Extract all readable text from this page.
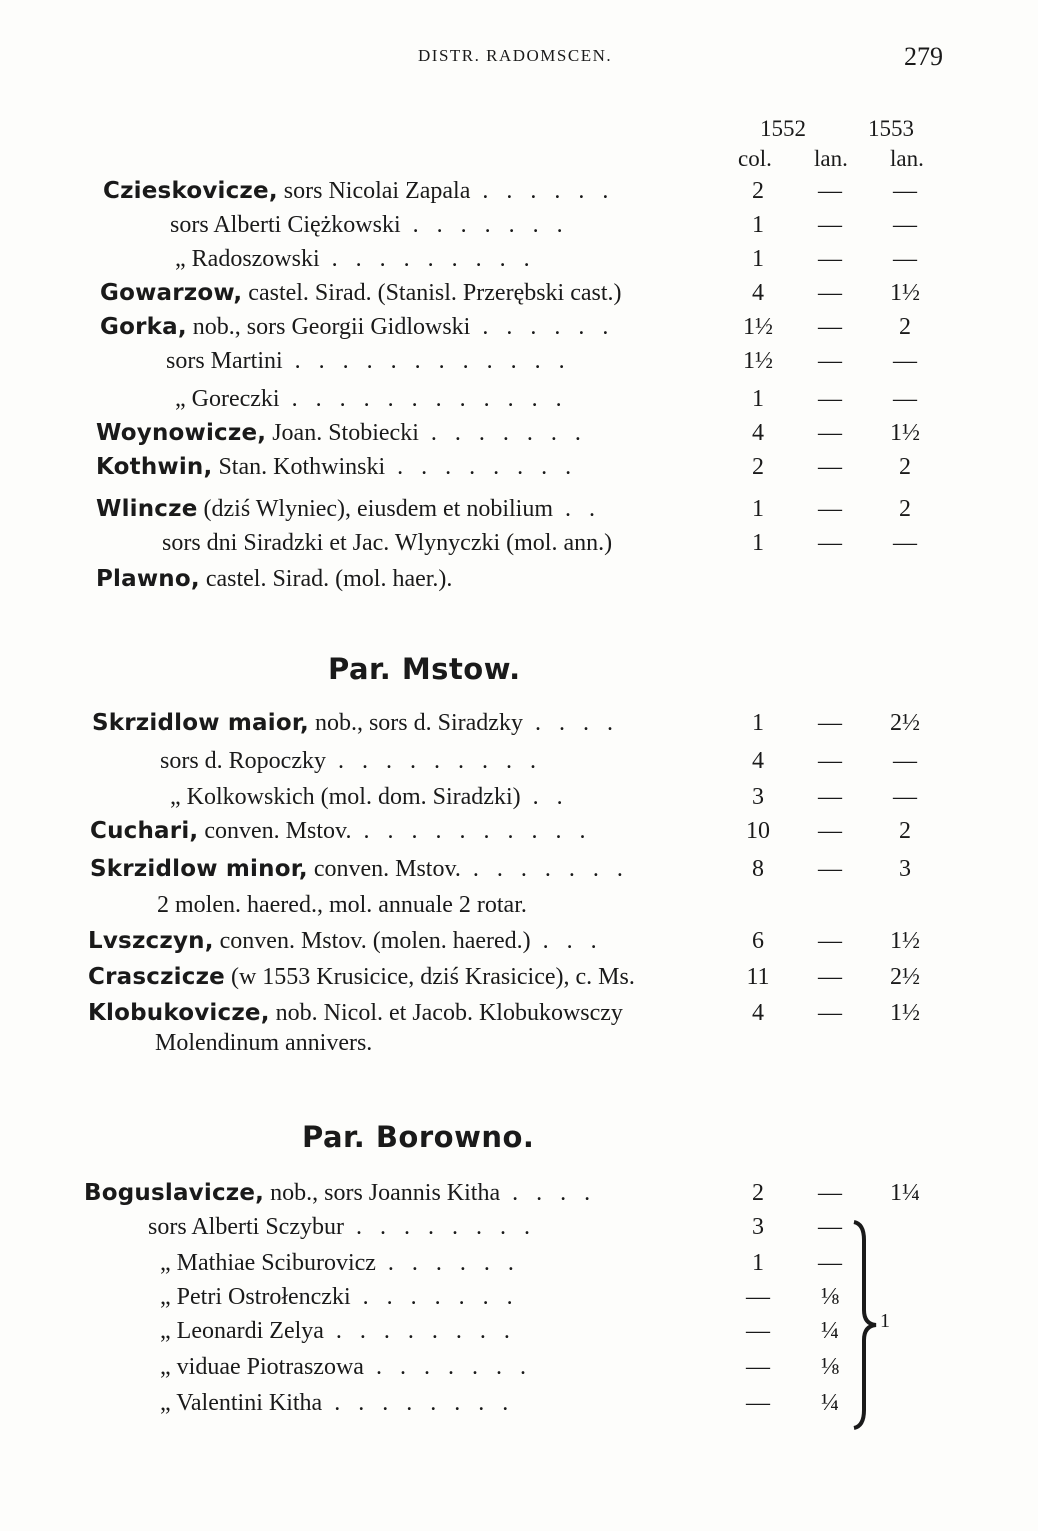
DISTR. RADOMSCEN.	279
1552	1553
col. lan. lan.
Czieskovicze, sors Nicolai Zapala . . . . . .	2	—	—
sors Alberti Ciężkowski . . . . . . .	1	—	—
„ Radoszowski . . . . . . . . .	1	—	—
Gowarzow, castel. Sirad. (Stanisl. Przerębski cast.)	4	—	1½
Gorka, nob., sors Georgii Gidlowski . . . . . .	1½	—	2
sors Martini . . . . . . . . . . . .	1½	—	—
„ Goreczki . . . . . . . . . . . .	1	—	—
Woynowicze, Joan. Stobiecki . . . . . . .	4	—	1½
Kothwin, Stan. Kothwinski . . . . . . . .	2	—	2
Wlincze (dziś Wlyniec), eiusdem et nobilium . .	1	—	2
sors dni Siradzki et Jac. Wlynyczki (mol. ann.)	1	—	—
Plawno, castel. Sirad. (mol. haer.).
Par. Mstow.
Skrzidlow maior, nob., sors d. Siradzky . . . .	1	—	2½
sors d. Ropoczky . . . . . . . . .	4	—	—
„ Kolkowskich (mol. dom. Siradzki) . .	3	—	—
Cuchari, conven. Mstov. . . . . . . . . . .	10	—	2
Skrzidlow minor, conven. Mstov. . . . . . . .	8	—	3
2 molen. haered., mol. annuale 2 rotar.
Lvszczyn, conven. Mstov. (molen. haered.) . . .	6	—	1½
Crasczicze (w 1553 Krusicice, dziś Krasicice), c. Ms.	11	—	2½
Klobukovicze, nob. Nicol. et Jacob. Klobukowsczy	4	—	1½
Molendinum annivers.
Par. Borowno.
Boguslavicze, nob., sors Joannis Kitha . . . .	2	—	1¼
sors Alberti Sczybur . . . . . . . .	3	—
„ Mathiae Sciburovicz . . . . . .	1	—
„ Petri Ostrołenczki . . . . . . .	—	⅛
„ Leonardi Zelya . . . . . . . .	—	¼
„ viduae Piotraszowa . . . . . . .	—	⅛
„ Valentini Kitha . . . . . . . .	—	¼
1
